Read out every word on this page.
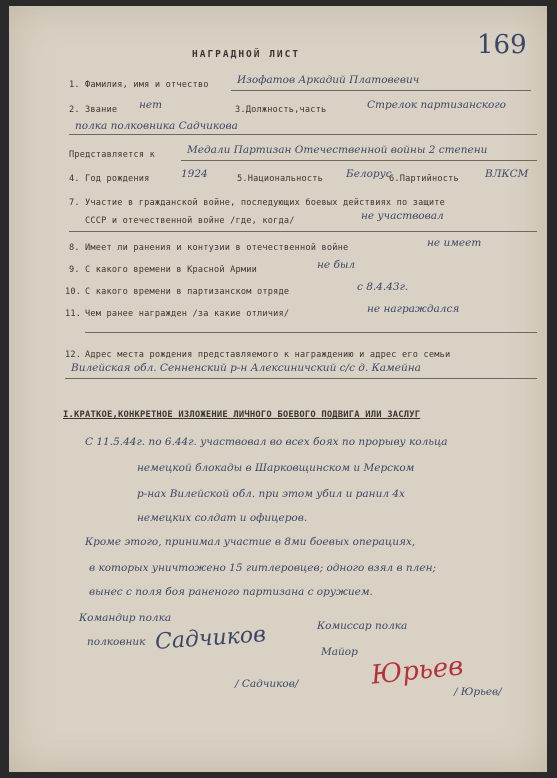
НАГРАДНОЙ ЛИСТ	169
1. Фамилия, имя и отчество	Изофатов Аркадий Платовевич
2. Звание нет	3.Должность,часть	Стрелок партизанского
полка полковника Садчикова
Представляется к	Медали Партизан Отечественной войны 2 степени
4. Год рождения	1924	5.Национальность Белорус
6.Партийность ВЛКСМ
7. Участие в гражданской войне, последующих боевых действиях по защите
СССР и отечественной войне /где, когда/	не участвовал
8. Имеет ли ранения и контузии в отечественной войне	не имеет
9. С какого времени в Красной Армии	не был
10. С какого времени в партизанском отряде	с 8.4.43г.
11. Чем ранее награжден /за какие отличия/	не награждался
12. Адрес места рождения представляемого к награждению и адрес его семьи
Вилейская обл. Сенненский р-н Алексиничский с/с д. Камейна
I.КРАТКОЕ,КОНКРЕТНОЕ ИЗЛОЖЕНИЕ ЛИЧНОГО БОЕВОГО ПОДВИГА ИЛИ ЗАСЛУГ
С 11.5.44г. по 6.44г. участвовал во всех боях по прорыву кольца
немецкой блокады в Шарковщинском и Мерском
р-нах Вилейской обл. при этом убил и ранил 4х
немецких солдат и офицеров.
Кроме этого, принимал участие в 8ми боевых операциях,
в которых уничтожено 15 гитлеровцев; одного взял в плен;
вынес с поля боя раненого партизана с оружием.
Командир полка
полковник Садчиков
/ Садчиков/
Комиссар полка
Майор Юрьев
/ Юрьев/
